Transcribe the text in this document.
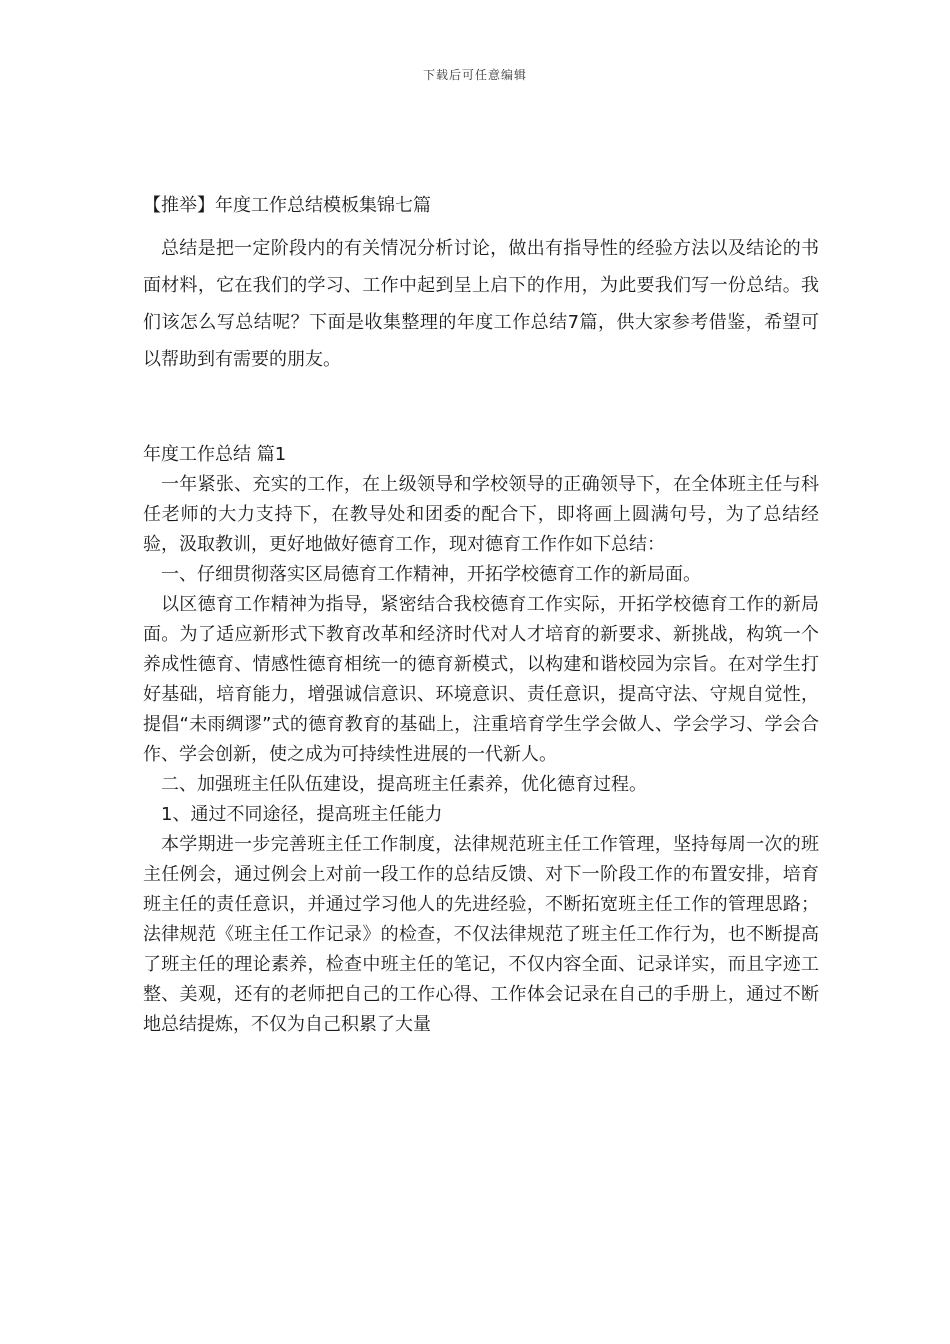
下载后可任意编辑
【推举】年度工作总结模板集锦七篇

总结是把一定阶段内的有关情况分析讨论，做出有指导性的经验方法以及结论的书面材料，它在我们的学习、工作中起到呈上启下的作用，为此要我们写一份总结。我们该怎么写总结呢？下面是收集整理的年度工作总结7篇，供大家参考借鉴，希望可以帮助到有需要的朋友。

年度工作总结 篇1

一年紧张、充实的工作，在上级领导和学校领导的正确领导下，在全体班主任与科任老师的大力支持下，在教导处和团委的配合下，即将画上圆满句号，为了总结经验，汲取教训，更好地做好德育工作，现对德育工作作如下总结：

一、仔细贯彻落实区局德育工作精神，开拓学校德育工作的新局面。

以区德育工作精神为指导，紧密结合我校德育工作实际，开拓学校德育工作的新局面。为了适应新形式下教育改革和经济时代对人才培育的新要求、新挑战，构筑一个养成性德育、情感性德育相统一的德育新模式，以构建和谐校园为宗旨。在对学生打好基础，培育能力，增强诚信意识、环境意识、责任意识，提高守法、守规自觉性，提倡“未雨绸谬”式的德育教育的基础上，注重培育学生学会做人、学会学习、学会合作、学会创新，使之成为可持续性进展的一代新人。

二、加强班主任队伍建设，提高班主任素养，优化德育过程。

1、通过不同途径，提高班主任能力

本学期进一步完善班主任工作制度，法律规范班主任工作管理，坚持每周一次的班主任例会，通过例会上对前一段工作的总结反馈、对下一阶段工作的布置安排，培育班主任的责任意识，并通过学习他人的先进经验，不断拓宽班主任工作的管理思路；法律规范《班主任工作记录》的检查，不仅法律规范了班主任工作行为，也不断提高了班主任的理论素养，检查中班主任的笔记，不仅内容全面、记录详实，而且字迹工整、美观，还有的老师把自己的工作心得、工作体会记录在自己的手册上，通过不断地总结提炼，不仅为自己积累了大量
